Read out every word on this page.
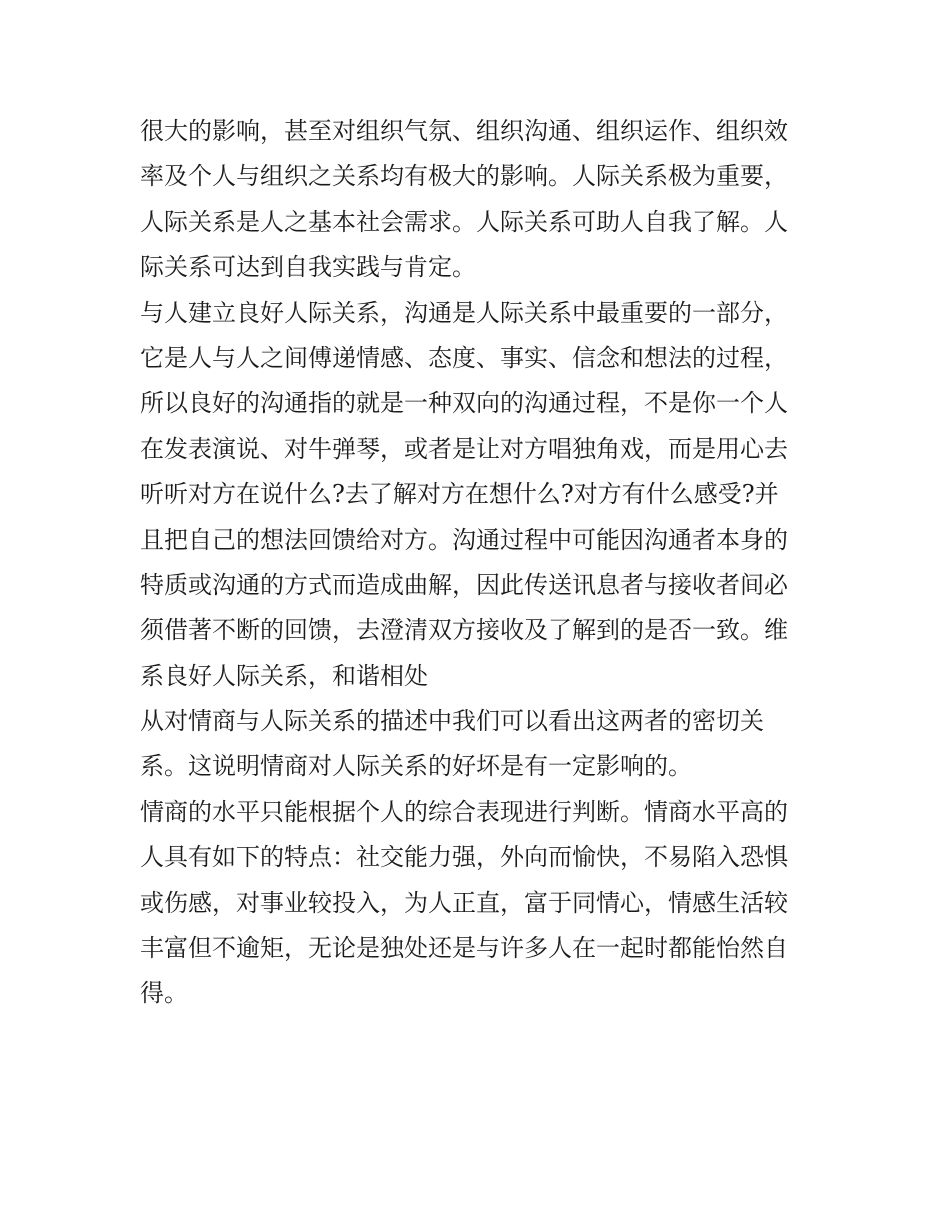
很大的影响，甚至对组织气氛、组织沟通、组织运作、组织效
率及个人与组织之关系均有极大的影响。人际关系极为重要，
人际关系是人之基本社会需求。人际关系可助人自我了解。人
际关系可达到自我实践与肯定。
与人建立良好人际关系，沟通是人际关系中最重要的一部分，
它是人与人之间傅递情感、态度、事实、信念和想法的过程，
所以良好的沟通指的就是一种双向的沟通过程，不是你一个人
在发表演说、对牛弹琴，或者是让对方唱独角戏，而是用心去
听听对方在说什么?去了解对方在想什么?对方有什么感受?并
且把自己的想法回馈给对方。沟通过程中可能因沟通者本身的
特质或沟通的方式而造成曲解，因此传送讯息者与接收者间必
须借著不断的回馈，去澄清双方接收及了解到的是否一致。维
系良好人际关系，和谐相处
从对情商与人际关系的描述中我们可以看出这两者的密切关
系。这说明情商对人际关系的好坏是有一定影响的。
情商的水平只能根据个人的综合表现进行判断。情商水平高的
人具有如下的特点：社交能力强，外向而愉快，不易陷入恐惧
或伤感，对事业较投入，为人正直，富于同情心，情感生活较
丰富但不逾矩，无论是独处还是与许多人在一起时都能怡然自
得。
